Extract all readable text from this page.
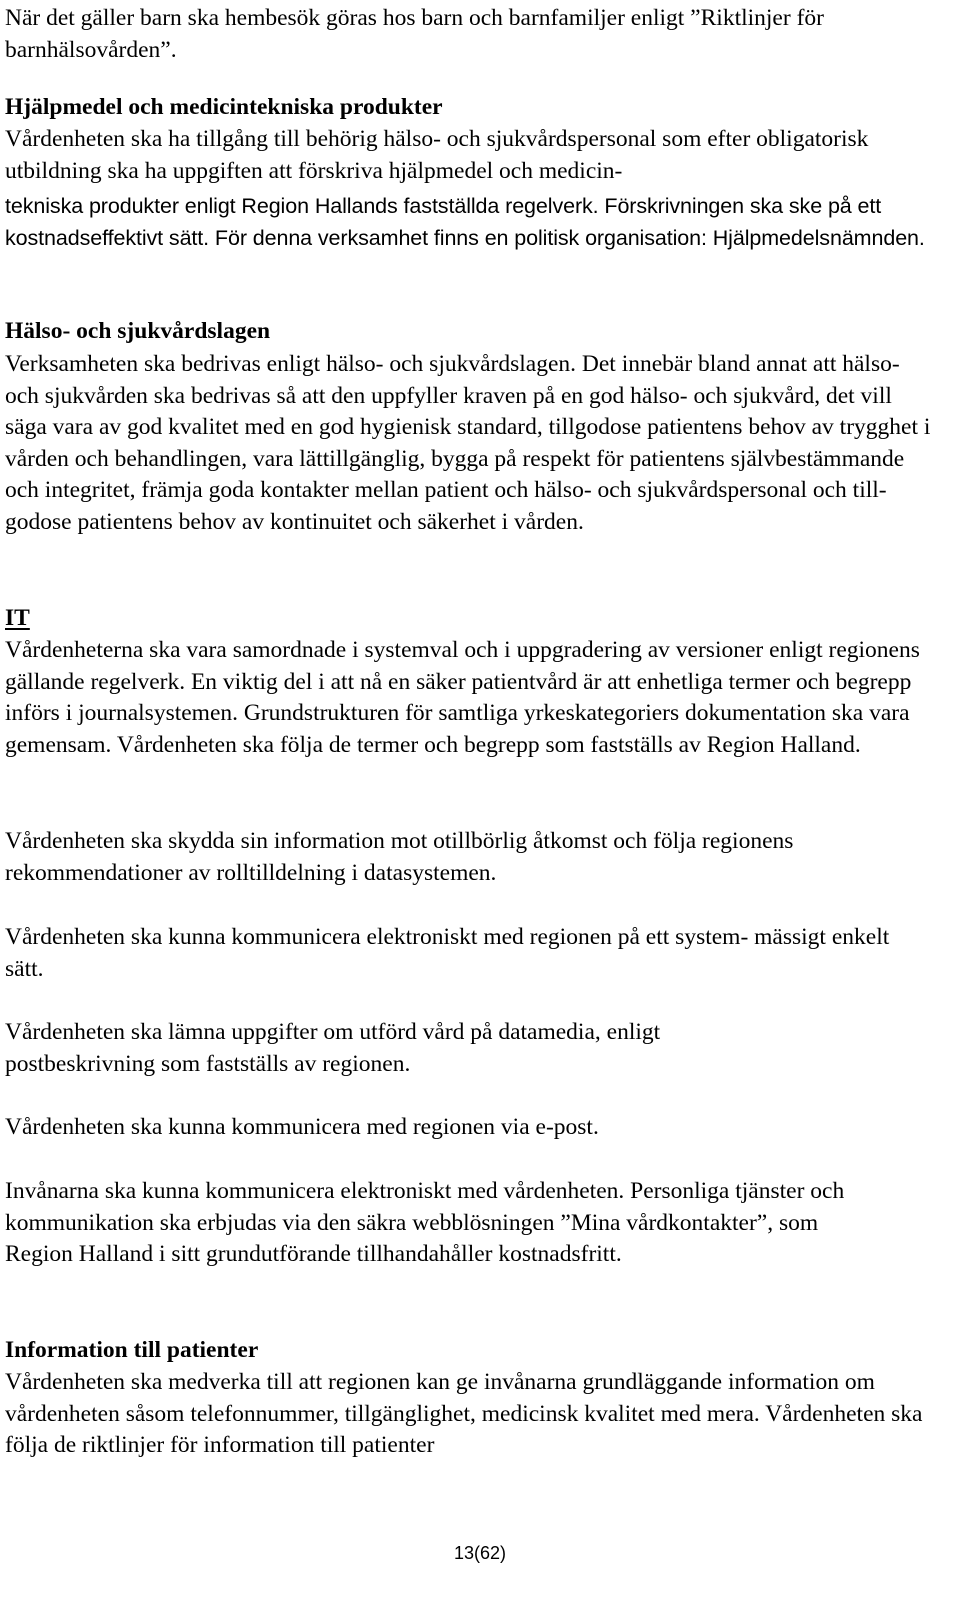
När det gäller barn ska hembesök göras hos barn och barnfamiljer enligt ”Riktlinjer för barnhälsovården”.

Hjälpmedel och medicintekniska produkter

Vårdenheten ska ha tillgång till behörig hälso- och sjukvårdspersonal som efter obligatorisk utbildning ska ha uppgiften att förskriva hjälpmedel och medicin-

tekniska produkter enligt Region Hallands fastställda regelverk. Förskrivningen ska ske på ett kostnadseffektivt sätt. För denna verksamhet finns en politisk organisation: Hjälpmedelsnämnden.

Hälso- och sjukvårdslagen

Verksamheten ska bedrivas enligt hälso- och sjukvårdslagen. Det innebär bland annat att hälso- och sjukvården ska bedrivas så att den uppfyller kraven på en god hälso- och sjukvård, det vill säga vara av god kvalitet med en god hygienisk standard, tillgodose patientens behov av trygghet i vården och behandlingen, vara lättillgänglig, bygga på respekt för patientens självbestämmande och integritet, främja goda kontakter mellan patient och hälso- och sjukvårdspersonal och till- godose patientens behov av kontinuitet och säkerhet i vården.

IT

Vårdenheterna ska vara samordnade i systemval och i uppgradering av versioner enligt regionens gällande regelverk. En viktig del i att nå en säker patientvård är att enhetliga termer och begrepp införs i journalsystemen. Grundstrukturen för samtliga yrkeskategoriers dokumentation ska vara gemensam. Vårdenheten ska följa de termer och begrepp som fastställs av Region Halland.

Vårdenheten ska skydda sin information mot otillbörlig åtkomst och följa regionens rekommendationer av rolltilldelning i datasystemen.

Vårdenheten ska kunna kommunicera elektroniskt med regionen på ett system- mässigt enkelt sätt.

Vårdenheten ska lämna uppgifter om utförd vård på datamedia, enligt postbeskrivning som fastställs av regionen.

Vårdenheten ska kunna kommunicera med regionen via e-post.

Invånarna ska kunna kommunicera elektroniskt med vårdenheten. Personliga tjänster och kommunikation ska erbjudas via den säkra webblösningen ”Mina vårdkontakter”, som Region Halland i sitt grundutförande tillhandahåller kostnadsfritt.

Information till patienter

Vårdenheten ska medverka till att regionen kan ge invånarna grundläggande information om vårdenheten såsom telefonnummer, tillgänglighet, medicinsk kvalitet med mera. Vårdenheten ska följa de riktlinjer för information till patienter

13(62)
